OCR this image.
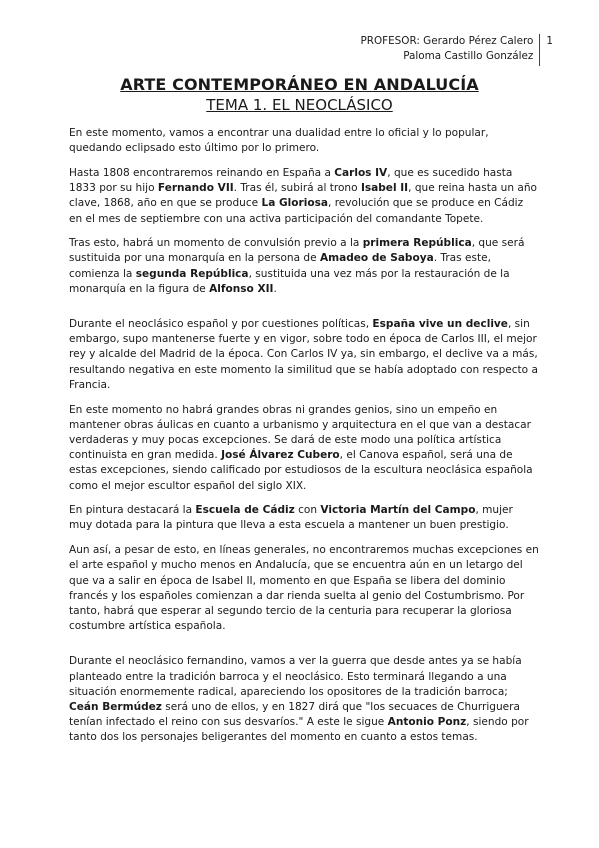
PROFESOR: Gerardo Pérez Calero
Paloma Castillo González
1
ARTE CONTEMPORÁNEO EN ANDALUCÍA
TEMA 1. EL NEOCLÁSICO

En este momento, vamos a encontrar una dualidad entre lo oficial y lo popular, quedando eclipsado esto último por lo primero.

Hasta 1808 encontraremos reinando en España a Carlos IV, que es sucedido hasta 1833 por su hijo Fernando VII. Tras él, subirá al trono Isabel II, que reina hasta un año clave, 1868, año en que se produce La Gloriosa, revolución que se produce en Cádiz en el mes de septiembre con una activa participación del comandante Topete.

Tras esto, habrá un momento de convulsión previo a la primera República, que será sustituida por una monarquía en la persona de Amadeo de Saboya. Tras este, comienza la segunda República, sustituida una vez más por la restauración de la monarquía en la figura de Alfonso XII.

Durante el neoclásico español y por cuestiones políticas, España vive un declive, sin embargo, supo mantenerse fuerte y en vigor, sobre todo en época de Carlos III, el mejor rey y alcalde del Madrid de la época. Con Carlos IV ya, sin embargo, el declive va a más, resultando negativa en este momento la similitud que se había adoptado con respecto a Francia.

En este momento no habrá grandes obras ni grandes genios, sino un empeño en mantener obras áulicas en cuanto a urbanismo y arquitectura en el que van a destacar verdaderas y muy pocas excepciones. Se dará de este modo una política artística continuista en gran medida. José Álvarez Cubero, el Canova español, será una de estas excepciones, siendo calificado por estudiosos de la escultura neoclásica española como el mejor escultor español del siglo XIX.

En pintura destacará la Escuela de Cádiz con Victoria Martín del Campo, mujer muy dotada para la pintura que lleva a esta escuela a mantener un buen prestigio.

Aun así, a pesar de esto, en líneas generales, no encontraremos muchas excepciones en el arte español y mucho menos en Andalucía, que se encuentra aún en un letargo del que va a salir en época de Isabel II, momento en que España se libera del dominio francés y los españoles comienzan a dar rienda suelta al genio del Costumbrismo. Por tanto, habrá que esperar al segundo tercio de la centuria para recuperar la gloriosa costumbre artística española.

Durante el neoclásico fernandino, vamos a ver la guerra que desde antes ya se había planteado entre la tradición barroca y el neoclásico. Esto terminará llegando a una situación enormemente radical, apareciendo los opositores de la tradición barroca; Ceán Bermúdez será uno de ellos, y en 1827 dirá que "los secuaces de Churriguera tenían infectado el reino con sus desvaríos." A este le sigue Antonio Ponz, siendo por tanto dos los personajes beligerantes del momento en cuanto a estos temas.
